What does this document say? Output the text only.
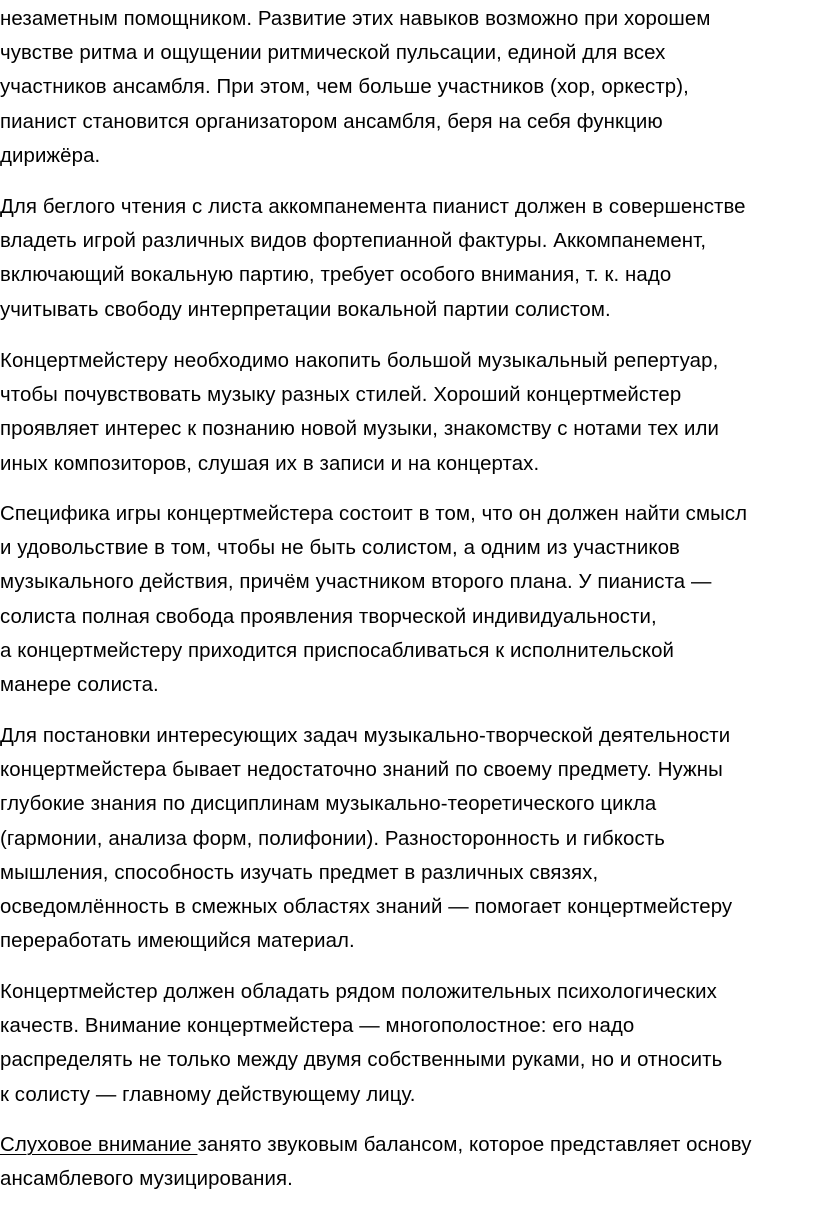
незаметным помощником. Развитие этих навыков возможно при хорошем
чувстве ритма и ощущении ритмической пульсации, единой для всех
участников ансамбля. При этом, чем больше участников (хор, оркестр),
пианист становится организатором ансамбля, беря на себя функцию
дирижёра.
Для беглого чтения с листа аккомпанемента пианист должен в совершенстве
владеть игрой различных видов фортепианной фактуры. Аккомпанемент,
включающий вокальную партию, требует особого внимания, т. к. надо
учитывать свободу интерпретации вокальной партии солистом.
Концертмейстеру необходимо накопить большой музыкальный репертуар,
чтобы почувствовать музыку разных стилей. Хороший концертмейстер
проявляет интерес к познанию новой музыки, знакомству с нотами тех или
иных композиторов, слушая их в записи и на концертах.
Специфика игры концертмейстера состоит в том, что он должен найти смысл
и удовольствие в том, чтобы не быть солистом, а одним из участников
музыкального действия, причём участником второго плана. У пианиста —
солиста полная свобода проявления творческой индивидуальности,
а концертмейстеру приходится приспосабливаться к исполнительской
манере солиста.
Для постановки интересующих задач музыкально-творческой деятельности
концертмейстера бывает недостаточно знаний по своему предмету. Нужны
глубокие знания по дисциплинам музыкально-теоретического цикла
(гармонии, анализа форм, полифонии). Разносторонность и гибкость
мышления, способность изучать предмет в различных связях,
осведомлённость в смежных областях знаний — помогает концертмейстеру
переработать имеющийся материал.
Концертмейстер должен обладать рядом положительных психологических
качеств. Внимание концертмейстера — многополостное: его надо
распределять не только между двумя собственными руками, но и относить
к солисту — главному действующему лицу.
Слуховое внимание занято звуковым балансом, которое представляет основу
ансамблевого музицирования.
